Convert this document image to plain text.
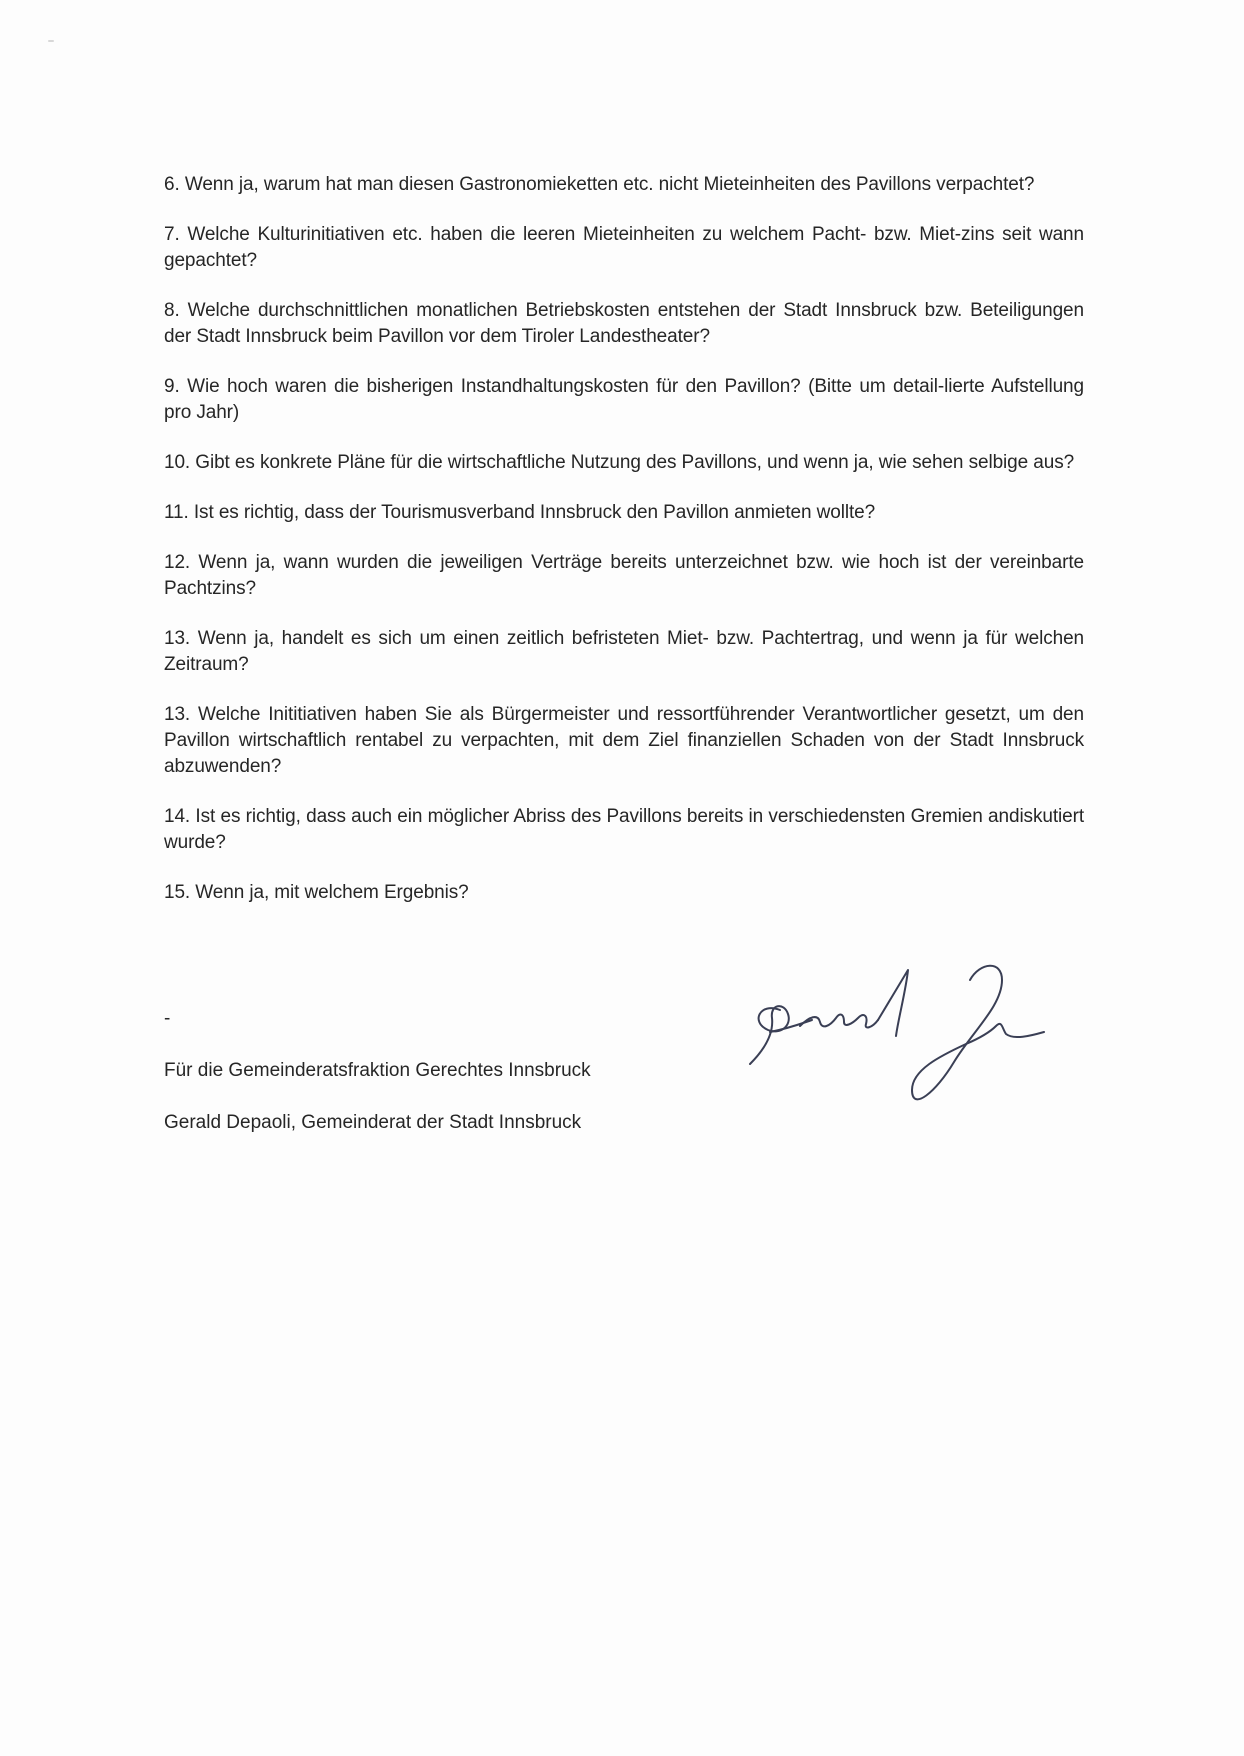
6. Wenn ja, warum hat man diesen Gastronomieketten etc. nicht Mieteinheiten des Pavillons verpachtet?
7. Welche Kulturinitiativen etc. haben die leeren Mieteinheiten zu welchem Pacht- bzw. Miet-zins seit wann gepachtet?
8. Welche durchschnittlichen monatlichen Betriebskosten entstehen der Stadt Innsbruck bzw. Beteiligungen der Stadt Innsbruck beim Pavillon vor dem Tiroler Landestheater?
9. Wie hoch waren die bisherigen Instandhaltungskosten für den Pavillon? (Bitte um detail-lierte Aufstellung pro Jahr)
10. Gibt es konkrete Pläne für die wirtschaftliche Nutzung des Pavillons, und wenn ja, wie sehen selbige aus?
11. Ist es richtig, dass der Tourismusverband Innsbruck den Pavillon anmieten wollte?
12. Wenn ja, wann wurden die jeweiligen Verträge bereits unterzeichnet bzw. wie hoch ist der vereinbarte Pachtzins?
13. Wenn ja, handelt es sich um einen zeitlich befristeten Miet- bzw. Pachtertrag, und wenn ja für welchen Zeitraum?
13. Welche Inititiativen haben Sie als Bürgermeister und ressortführender Verantwortlicher gesetzt, um den Pavillon wirtschaftlich rentabel zu verpachten, mit dem Ziel finanziellen Schaden von der Stadt Innsbruck abzuwenden?
14. Ist es richtig, dass auch ein möglicher Abriss des Pavillons bereits in verschiedensten Gremien andiskutiert wurde?
15. Wenn ja, mit welchem Ergebnis?
-
Für die Gemeinderatsfraktion Gerechtes Innsbruck
Gerald Depaoli, Gemeinderat der Stadt Innsbruck
